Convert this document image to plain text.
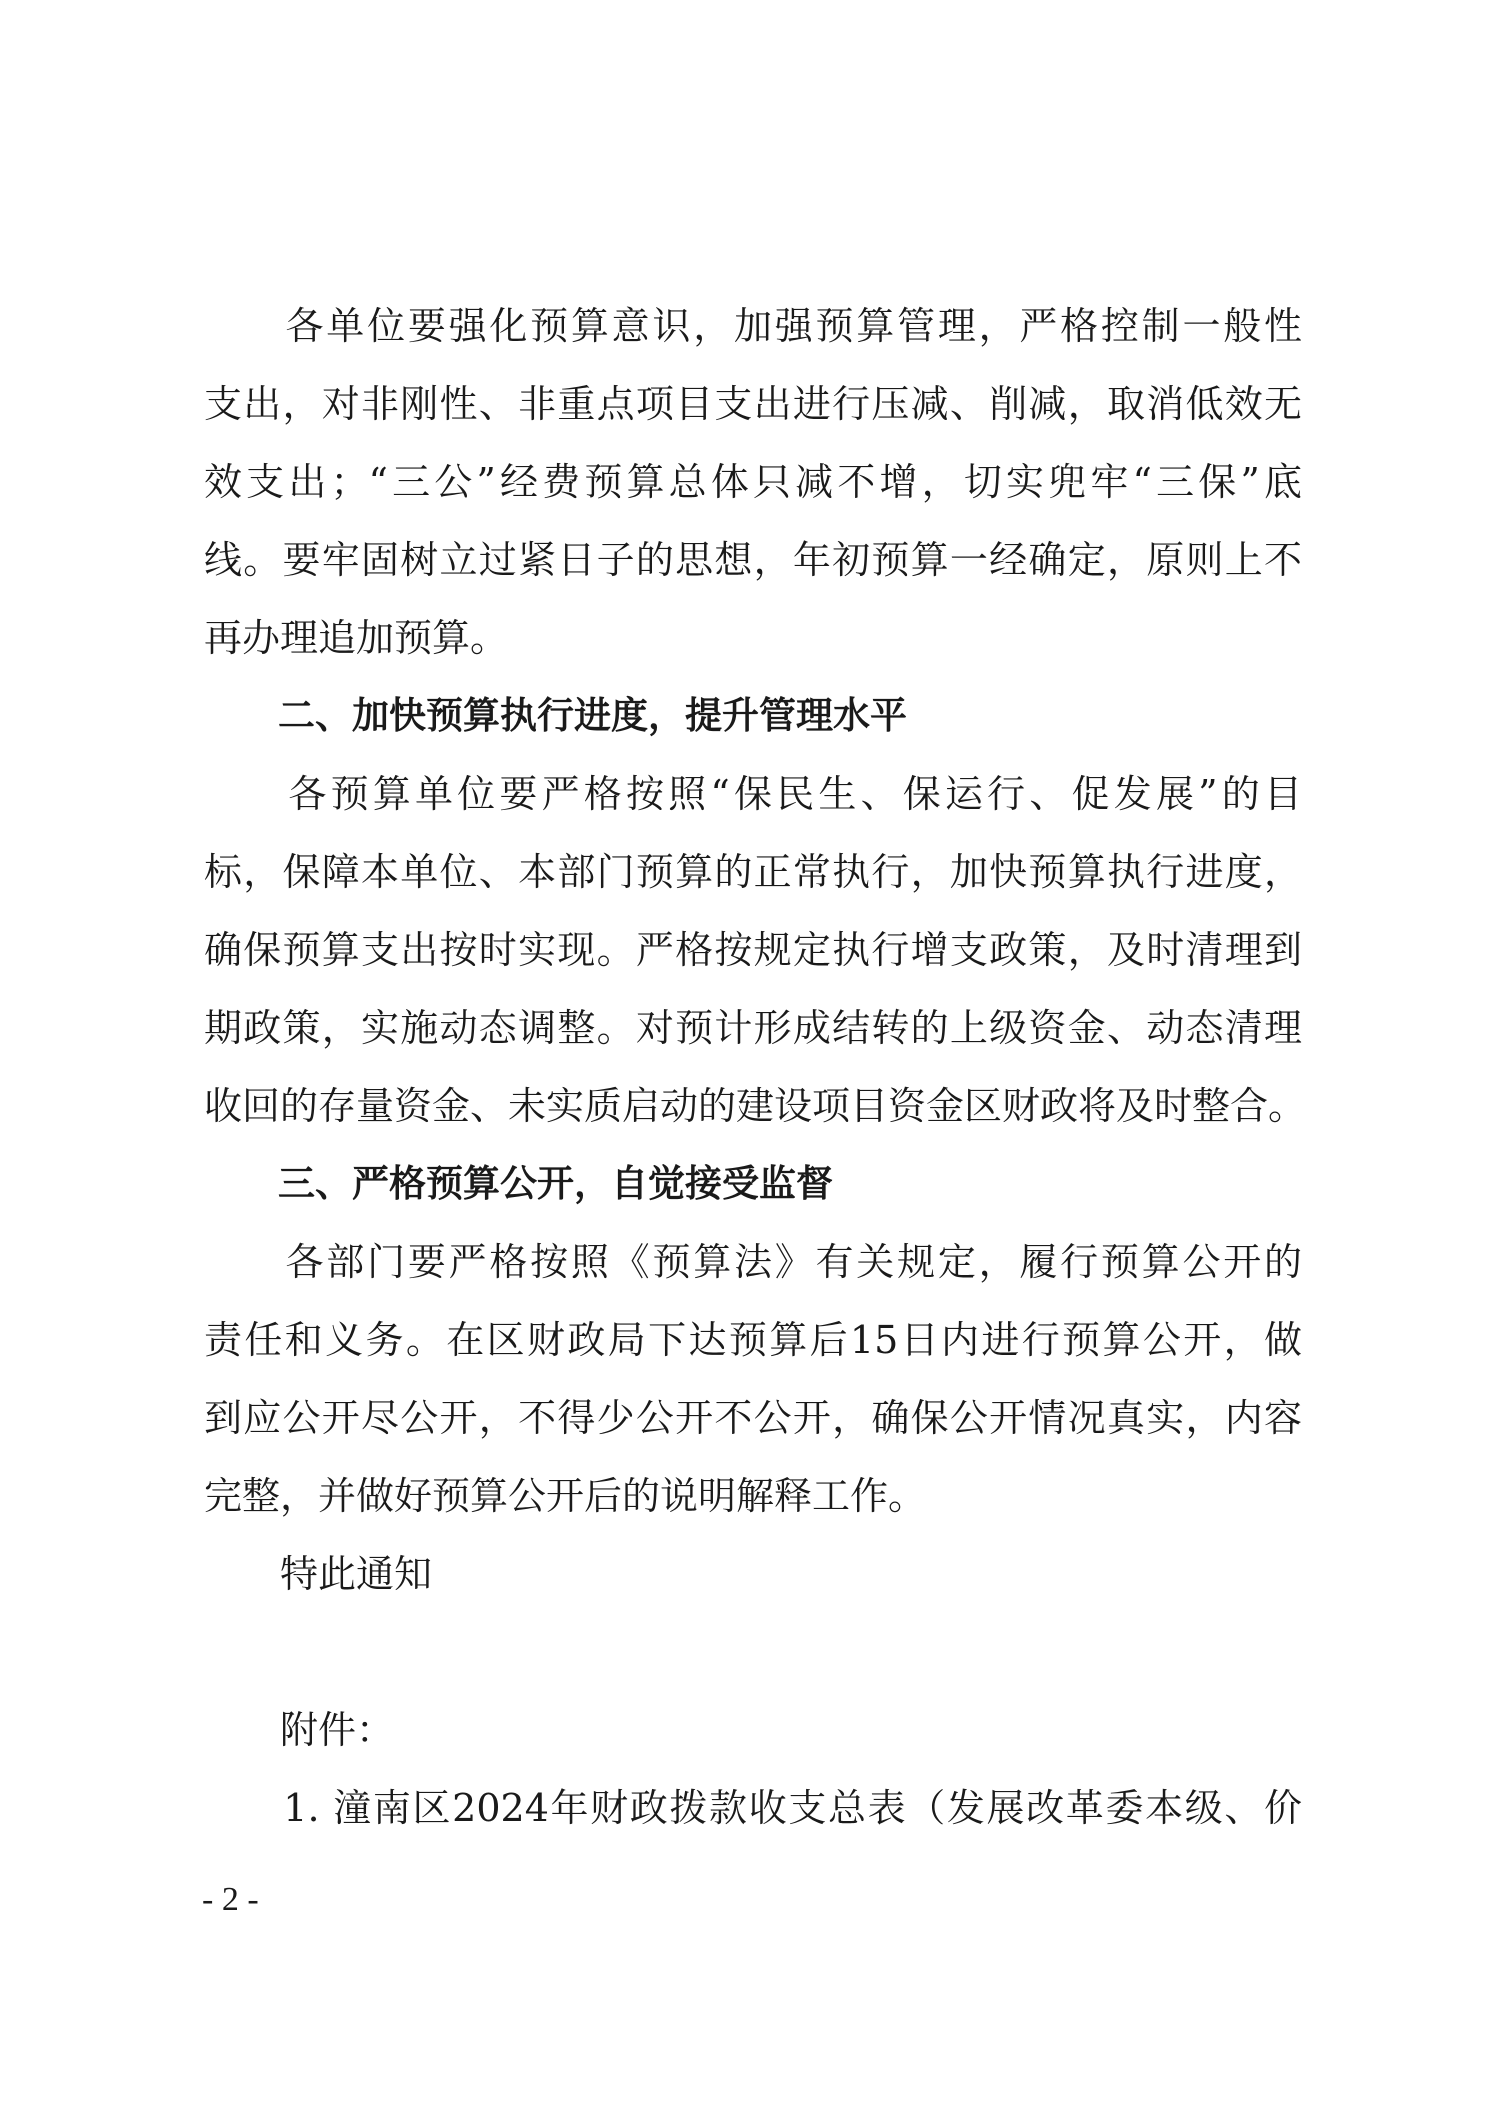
　　各单位要强化预算意识，加强预算管理，严格控制一般性
支出，对非刚性、非重点项目支出进行压减、削减，取消低效无
效支出；“三公”经费预算总体只减不增，切实兜牢“三保”底
线。要牢固树立过紧日子的思想，年初预算一经确定，原则上不
再办理追加预算。
　　二、加快预算执行进度，提升管理水平
　　各预算单位要严格按照“保民生、保运行、促发展”的目
标，保障本单位、本部门预算的正常执行，加快预算执行进度，
确保预算支出按时实现。严格按规定执行增支政策，及时清理到
期政策，实施动态调整。对预计形成结转的上级资金、动态清理
收回的存量资金、未实质启动的建设项目资金区财政将及时整合。
　　三、严格预算公开，自觉接受监督
　　各部门要严格按照《预算法》有关规定，履行预算公开的
责任和义务。在区财政局下达预算后15日内进行预算公开，做
到应公开尽公开，不得少公开不公开，确保公开情况真实，内容
完整，并做好预算公开后的说明解释工作。
　　特此通知
　　附件：
　　1. 潼南区2024年财政拨款收支总表（发展改革委本级、价
- 2 -
